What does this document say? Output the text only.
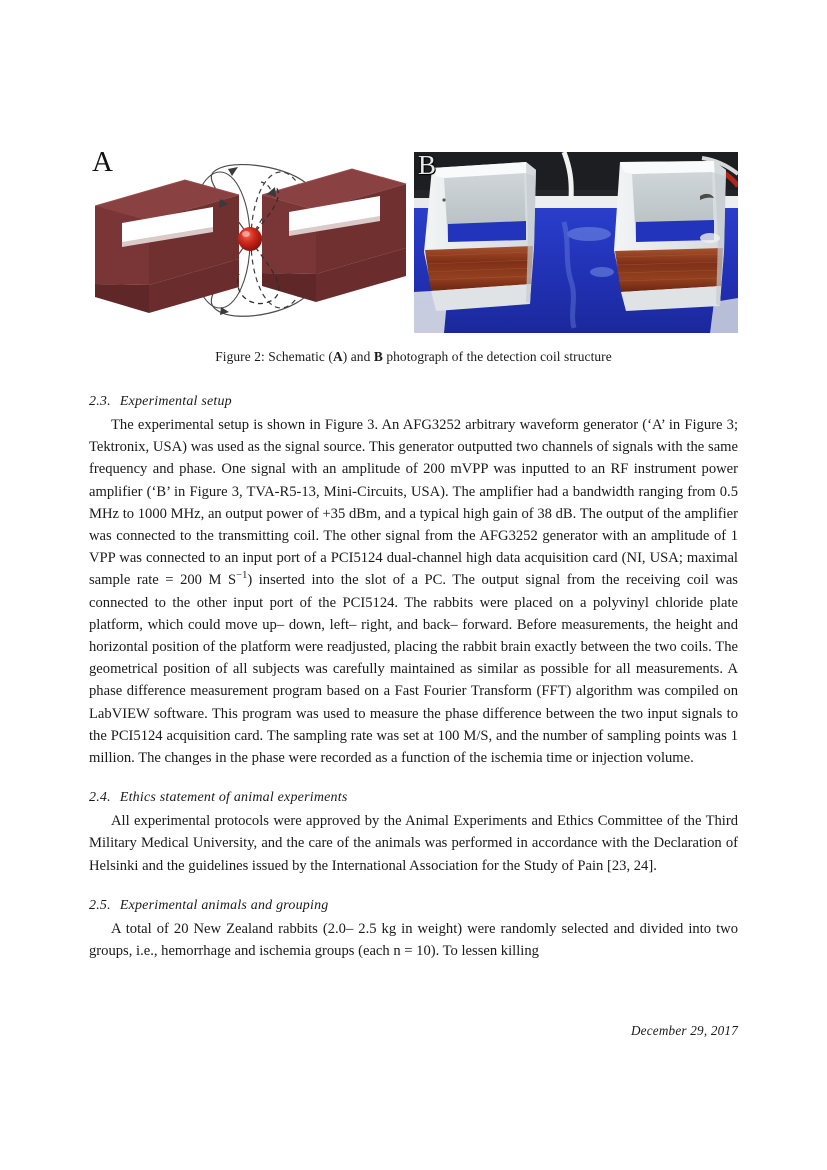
A	B
Figure 2: Schematic (A) and B photograph of the detection coil structure
2.3. Experimental setup

The experimental setup is shown in Figure 3. An AFG3252 arbitrary waveform generator (‘A’ in Figure 3; Tektronix, USA) was used as the signal source. This generator outputted two channels of signals with the same frequency and phase. One signal with an amplitude of 200 mVPP was inputted to an RF instrument power amplifier (‘B’ in Figure 3, TVA-R5-13, Mini-Circuits, USA). The amplifier had a bandwidth ranging from 0.5 MHz to 1000 MHz, an output power of +35 dBm, and a typical high gain of 38 dB. The output of the amplifier was connected to the transmitting coil. The other signal from the AFG3252 generator with an amplitude of 1 VPP was connected to an input port of a PCI5124 dual-channel high data acquisition card (NI, USA; maximal sample rate = 200 M $S^{-1}$) inserted into the slot of a PC. The output signal from the receiving coil was connected to the other input port of the PCI5124. The rabbits were placed on a polyvinyl chloride plate platform, which could move up– down, left– right, and back– forward. Before measurements, the height and horizontal position of the platform were readjusted, placing the rabbit brain exactly between the two coils. The geometrical position of all subjects was carefully maintained as similar as possible for all measurements. A phase difference measurement program based on a Fast Fourier Transform (FFT) algorithm was compiled on LabVIEW software. This program was used to measure the phase difference between the two input signals to the PCI5124 acquisition card. The sampling rate was set at 100 M/S, and the number of sampling points was 1 million. The changes in the phase were recorded as a function of the ischemia time or injection volume.

2.4. Ethics statement of animal experiments

All experimental protocols were approved by the Animal Experiments and Ethics Committee of the Third Military Medical University, and the care of the animals was performed in accordance with the Declaration of Helsinki and the guidelines issued by the International Association for the Study of Pain [23, 24].

2.5. Experimental animals and grouping

A total of 20 New Zealand rabbits (2.0– 2.5 kg in weight) were randomly selected and divided into two groups, i.e., hemorrhage and ischemia groups (each n = 10). To lessen killing

December 29, 2017
